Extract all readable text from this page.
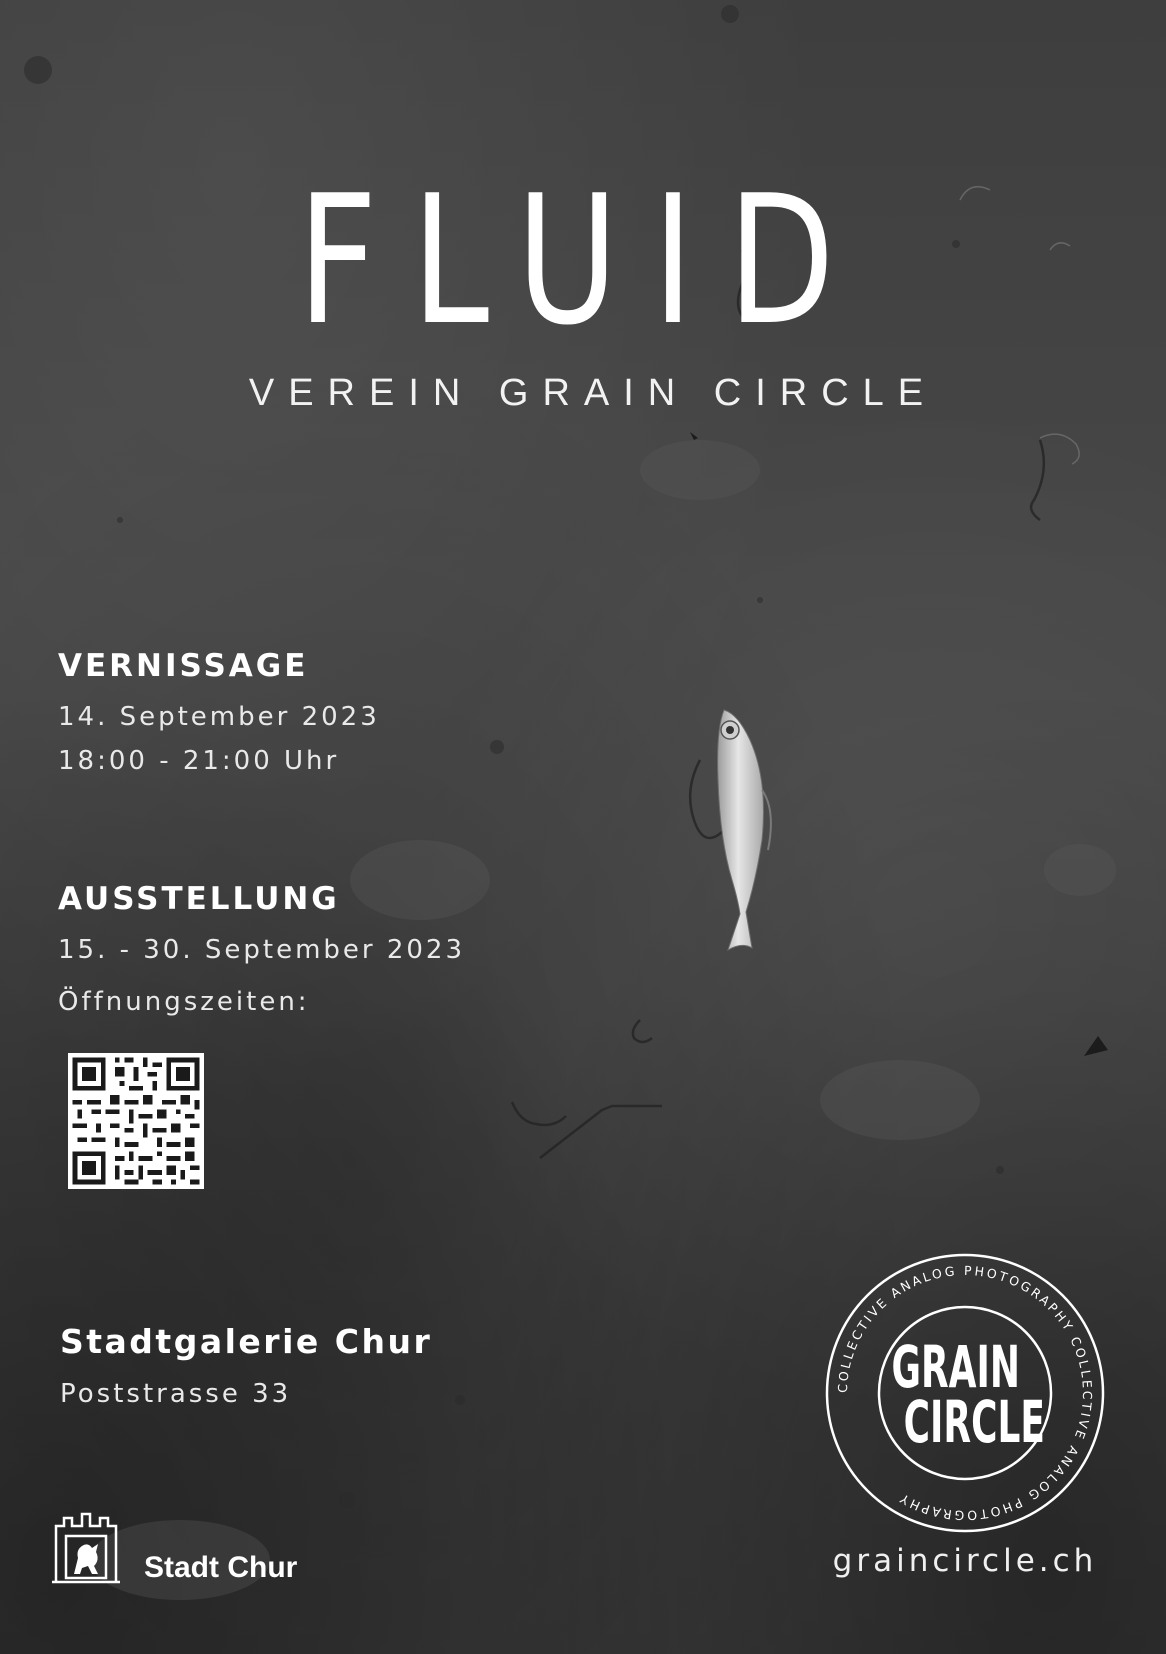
FLUID
VEREIN GRAIN CIRCLE

VERNISSAGE

14. September 2023

18:00 - 21:00 Uhr

AUSSTELLUNG

15. - 30. September 2023

Öffnungszeiten:

Stadtgalerie Chur
Poststrasse 33
Stadt Chur
COLLECTIVE ANALOG PHOTOGRAPHY COLLECTIVE ANALOG PHOTOGRAPHY
GRAIN
CIRCLE
graincircle.ch
